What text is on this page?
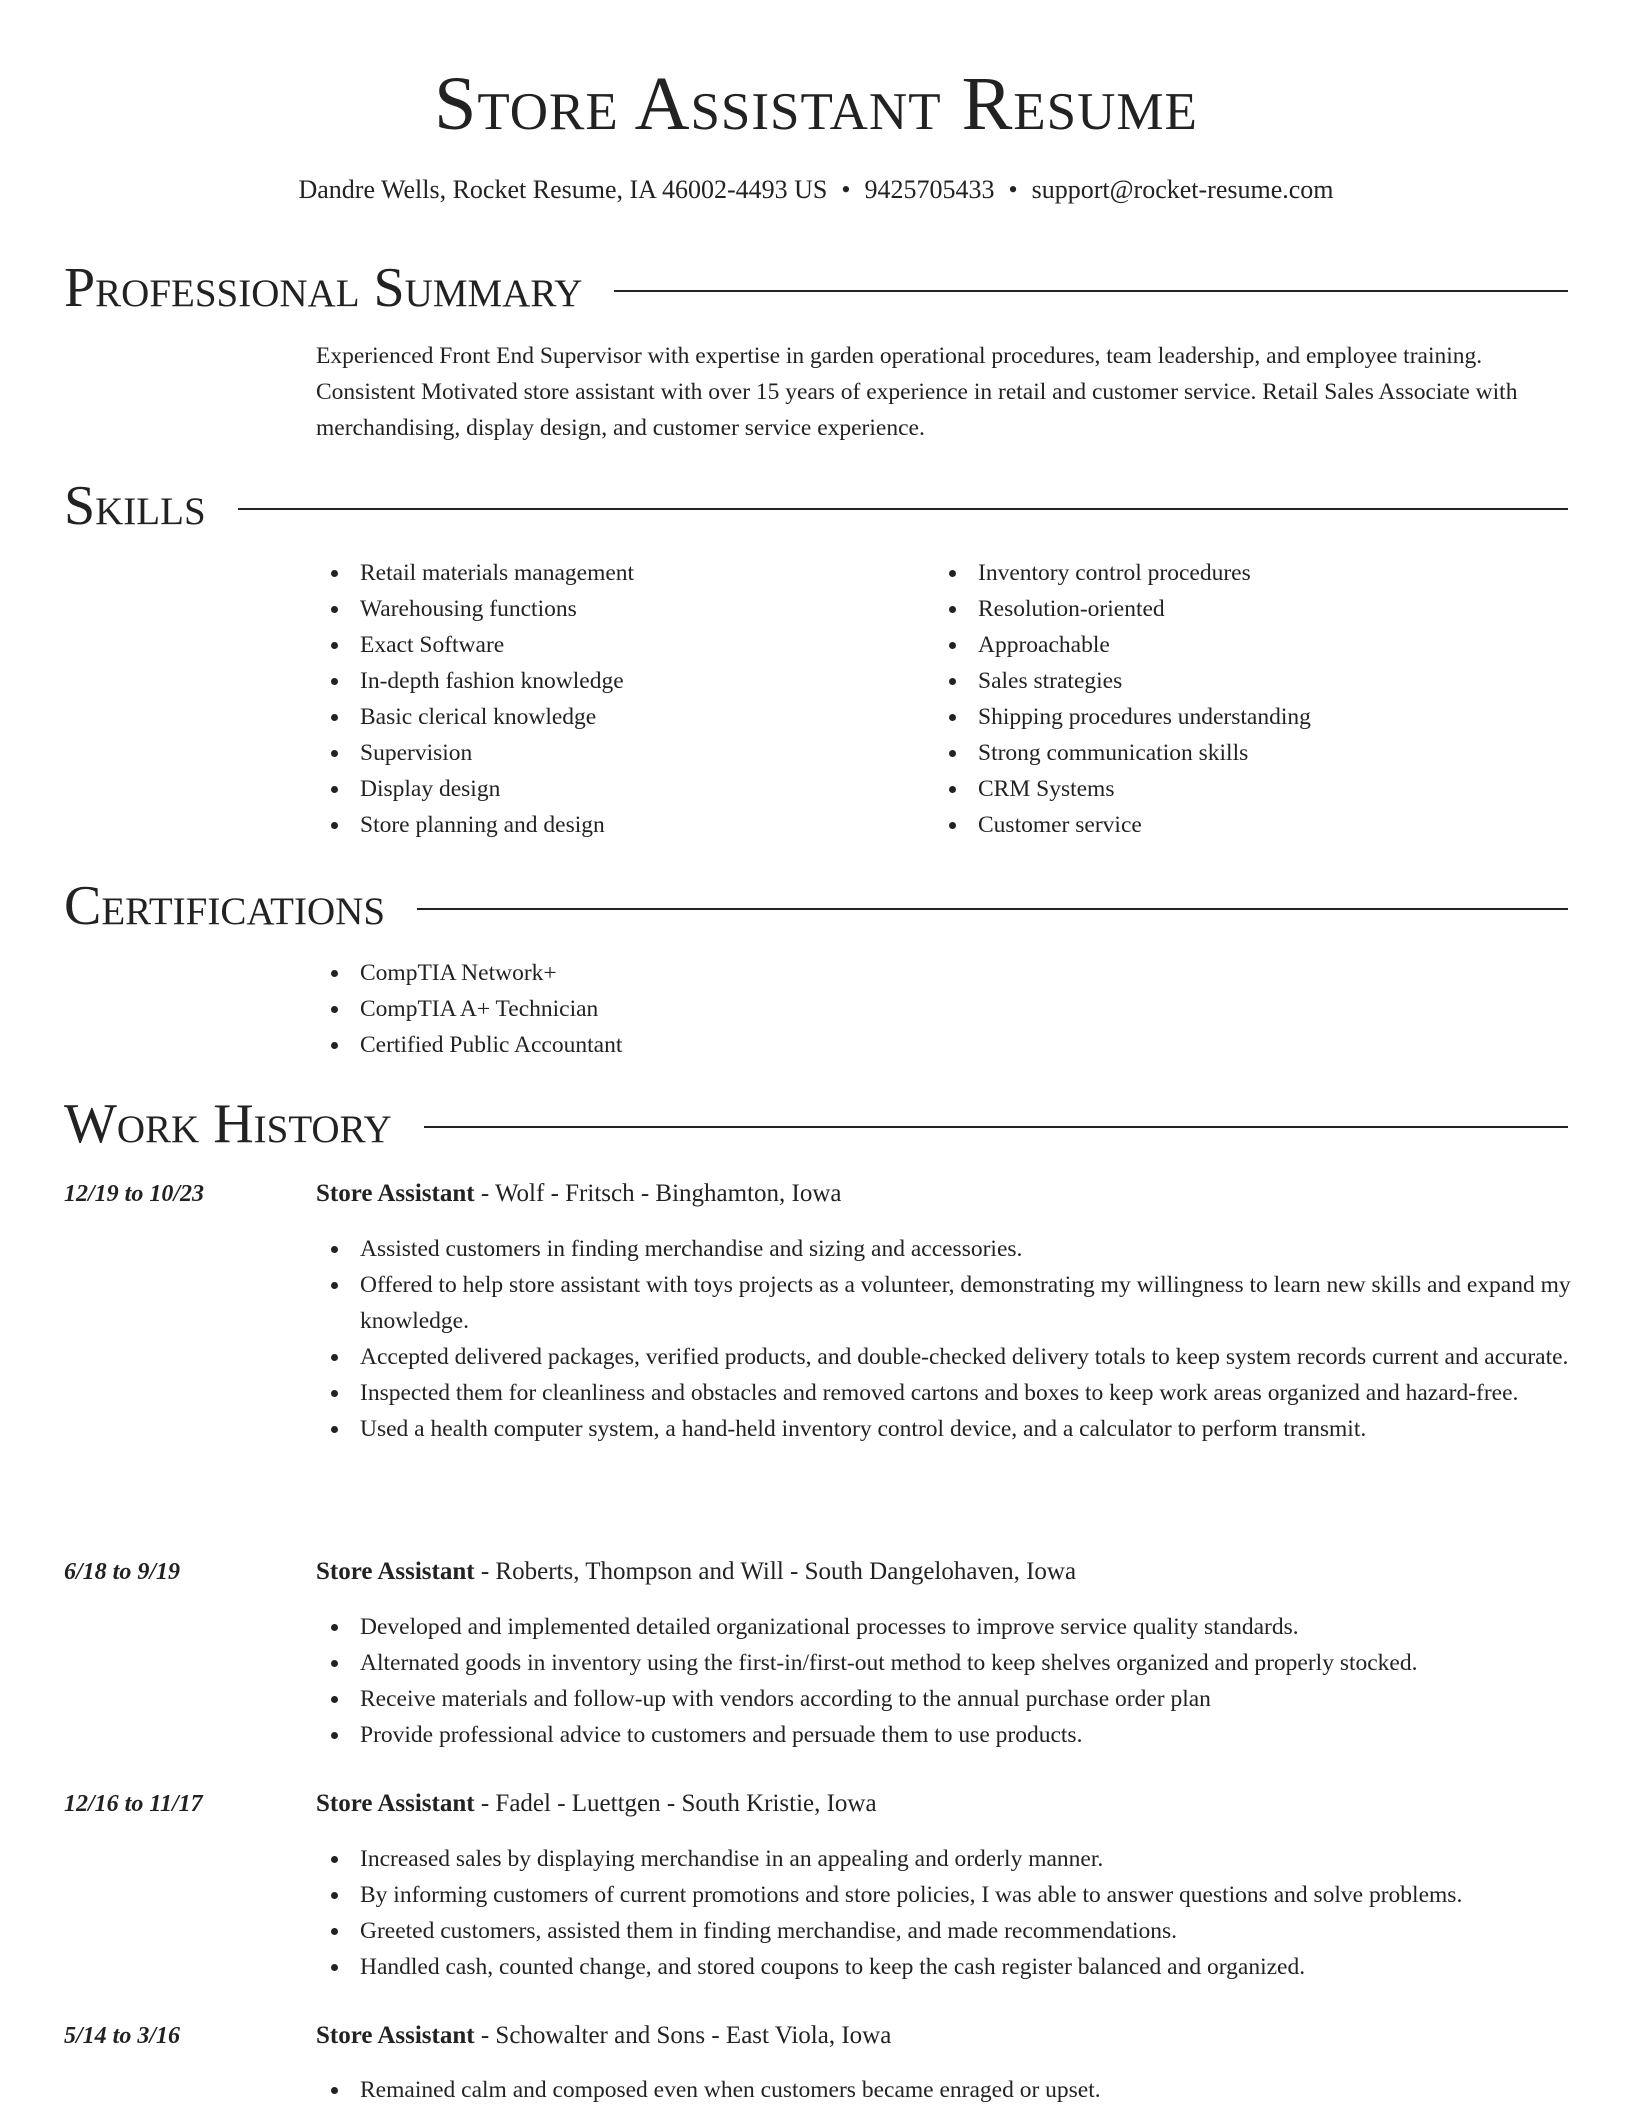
Store Assistant Resume
Dandre Wells, Rocket Resume, IA 46002-4493 US • 9425705433 • support@rocket-resume.com
Professional Summary

Experienced Front End Supervisor with expertise in garden operational procedures, team leadership, and employee training. Consistent Motivated store assistant with over 15 years of experience in retail and customer service. Retail Sales Associate with merchandising, display design, and customer service experience.

Skills
Retail materials management
Warehousing functions
Exact Software
In-depth fashion knowledge
Basic clerical knowledge
Supervision
Display design
Store planning and design
Inventory control procedures
Resolution-oriented
Approachable
Sales strategies
Shipping procedures understanding
Strong communication skills
CRM Systems
Customer service
Certifications
CompTIA Network+
CompTIA A+ Technician
Certified Public Accountant
Work History
12/19 to 10/23	Store Assistant - Wolf - Fritsch - Binghamton, Iowa
Assisted customers in finding merchandise and sizing and accessories.
Offered to help store assistant with toys projects as a volunteer, demonstrating my willingness to learn new skills and expand my knowledge.
Accepted delivered packages, verified products, and double-checked delivery totals to keep system records current and accurate.
Inspected them for cleanliness and obstacles and removed cartons and boxes to keep work areas organized and hazard-free.
Used a health computer system, a hand-held inventory control device, and a calculator to perform transmit.
6/18 to 9/19	Store Assistant - Roberts, Thompson and Will - South Dangelohaven, Iowa
Developed and implemented detailed organizational processes to improve service quality standards.
Alternated goods in inventory using the first-in/first-out method to keep shelves organized and properly stocked.
Receive materials and follow-up with vendors according to the annual purchase order plan
Provide professional advice to customers and persuade them to use products.
12/16 to 11/17	Store Assistant - Fadel - Luettgen - South Kristie, Iowa
Increased sales by displaying merchandise in an appealing and orderly manner.
By informing customers of current promotions and store policies, I was able to answer questions and solve problems.
Greeted customers, assisted them in finding merchandise, and made recommendations.
Handled cash, counted change, and stored coupons to keep the cash register balanced and organized.
5/14 to 3/16	Store Assistant - Schowalter and Sons - East Viola, Iowa
Remained calm and composed even when customers became enraged or upset.
